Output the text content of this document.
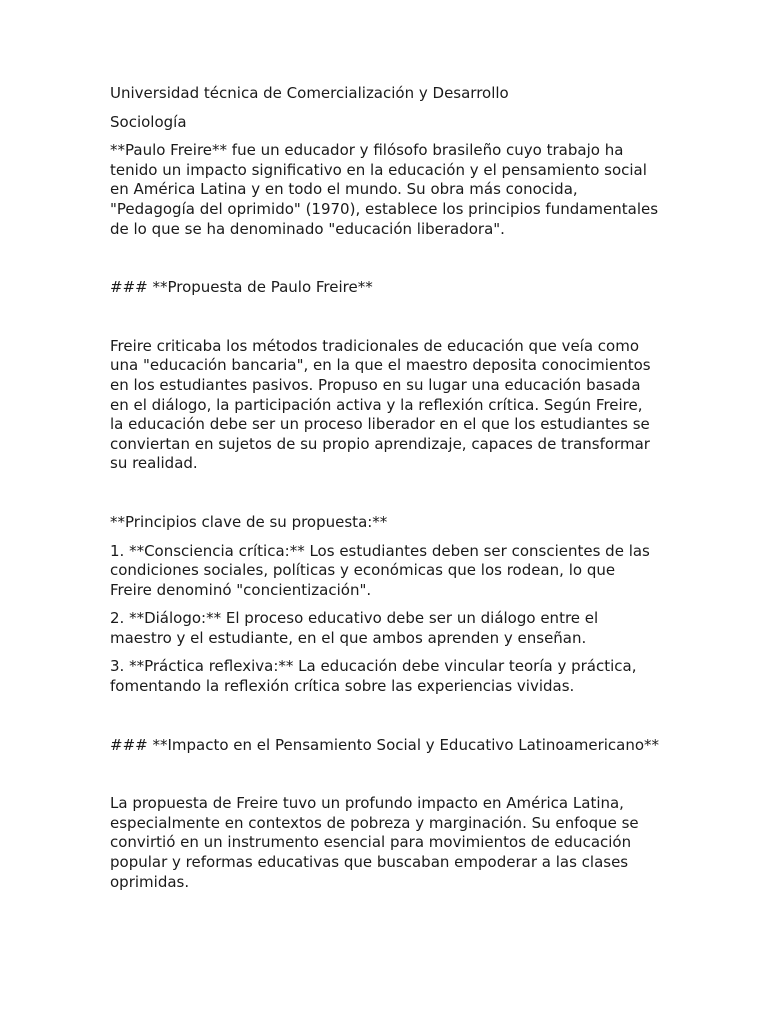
Universidad técnica de Comercialización y Desarrollo

Sociología

**Paulo Freire** fue un educador y filósofo brasileño cuyo trabajo ha tenido un impacto significativo en la educación y el pensamiento social en América Latina y en todo el mundo. Su obra más conocida, "Pedagogía del oprimido" (1970), establece los principios fundamentales de lo que se ha denominado "educación liberadora".

### **Propuesta de Paulo Freire**

Freire criticaba los métodos tradicionales de educación que veía como una "educación bancaria", en la que el maestro deposita conocimientos en los estudiantes pasivos. Propuso en su lugar una educación basada en el diálogo, la participación activa y la reflexión crítica. Según Freire, la educación debe ser un proceso liberador en el que los estudiantes se conviertan en sujetos de su propio aprendizaje, capaces de transformar su realidad.

**Principios clave de su propuesta:**

1. **Consciencia crítica:** Los estudiantes deben ser conscientes de las condiciones sociales, políticas y económicas que los rodean, lo que Freire denominó "concientización".

2. **Diálogo:** El proceso educativo debe ser un diálogo entre el maestro y el estudiante, en el que ambos aprenden y enseñan.

3. **Práctica reflexiva:** La educación debe vincular teoría y práctica, fomentando la reflexión crítica sobre las experiencias vividas.

### **Impacto en el Pensamiento Social y Educativo Latinoamericano**

La propuesta de Freire tuvo un profundo impacto en América Latina, especialmente en contextos de pobreza y marginación. Su enfoque se convirtió en un instrumento esencial para movimientos de educación popular y reformas educativas que buscaban empoderar a las clases oprimidas.
